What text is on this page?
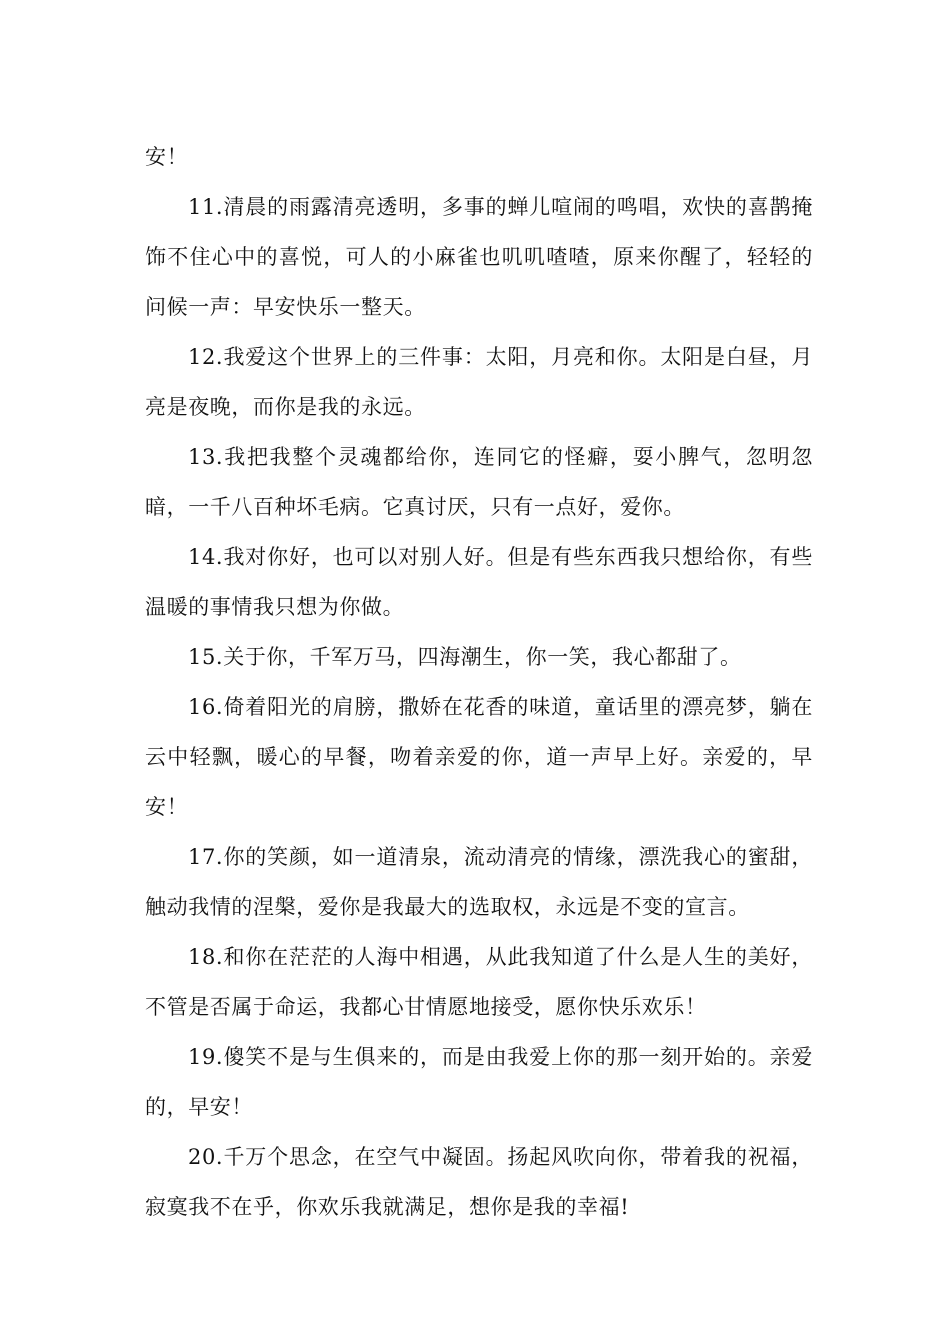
安！

11.清晨的雨露清亮透明，多事的蝉儿喧闹的鸣唱，欢快的喜鹊掩饰不住心中的喜悦，可人的小麻雀也叽叽喳喳，原来你醒了，轻轻的问候一声：早安快乐一整天。

12.我爱这个世界上的三件事：太阳，月亮和你。太阳是白昼，月亮是夜晚，而你是我的永远。

13.我把我整个灵魂都给你，连同它的怪癖，耍小脾气，忽明忽暗，一千八百种坏毛病。它真讨厌，只有一点好，爱你。

14.我对你好，也可以对别人好。但是有些东西我只想给你，有些温暖的事情我只想为你做。

15.关于你，千军万马，四海潮生，你一笑，我心都甜了。

16.倚着阳光的肩膀，撒娇在花香的味道，童话里的漂亮梦，躺在云中轻飘，暖心的早餐，吻着亲爱的你，道一声早上好。亲爱的，早安！

17.你的笑颜，如一道清泉，流动清亮的情缘，漂洗我心的蜜甜，触动我情的涅槃，爱你是我最大的选取权，永远是不变的宣言。

18.和你在茫茫的人海中相遇，从此我知道了什么是人生的美好，不管是否属于命运，我都心甘情愿地接受，愿你快乐欢乐！

19.傻笑不是与生俱来的，而是由我爱上你的那一刻开始的。亲爱的，早安！

20.千万个思念，在空气中凝固。扬起风吹向你，带着我的祝福，寂寞我不在乎，你欢乐我就满足，想你是我的幸福!
